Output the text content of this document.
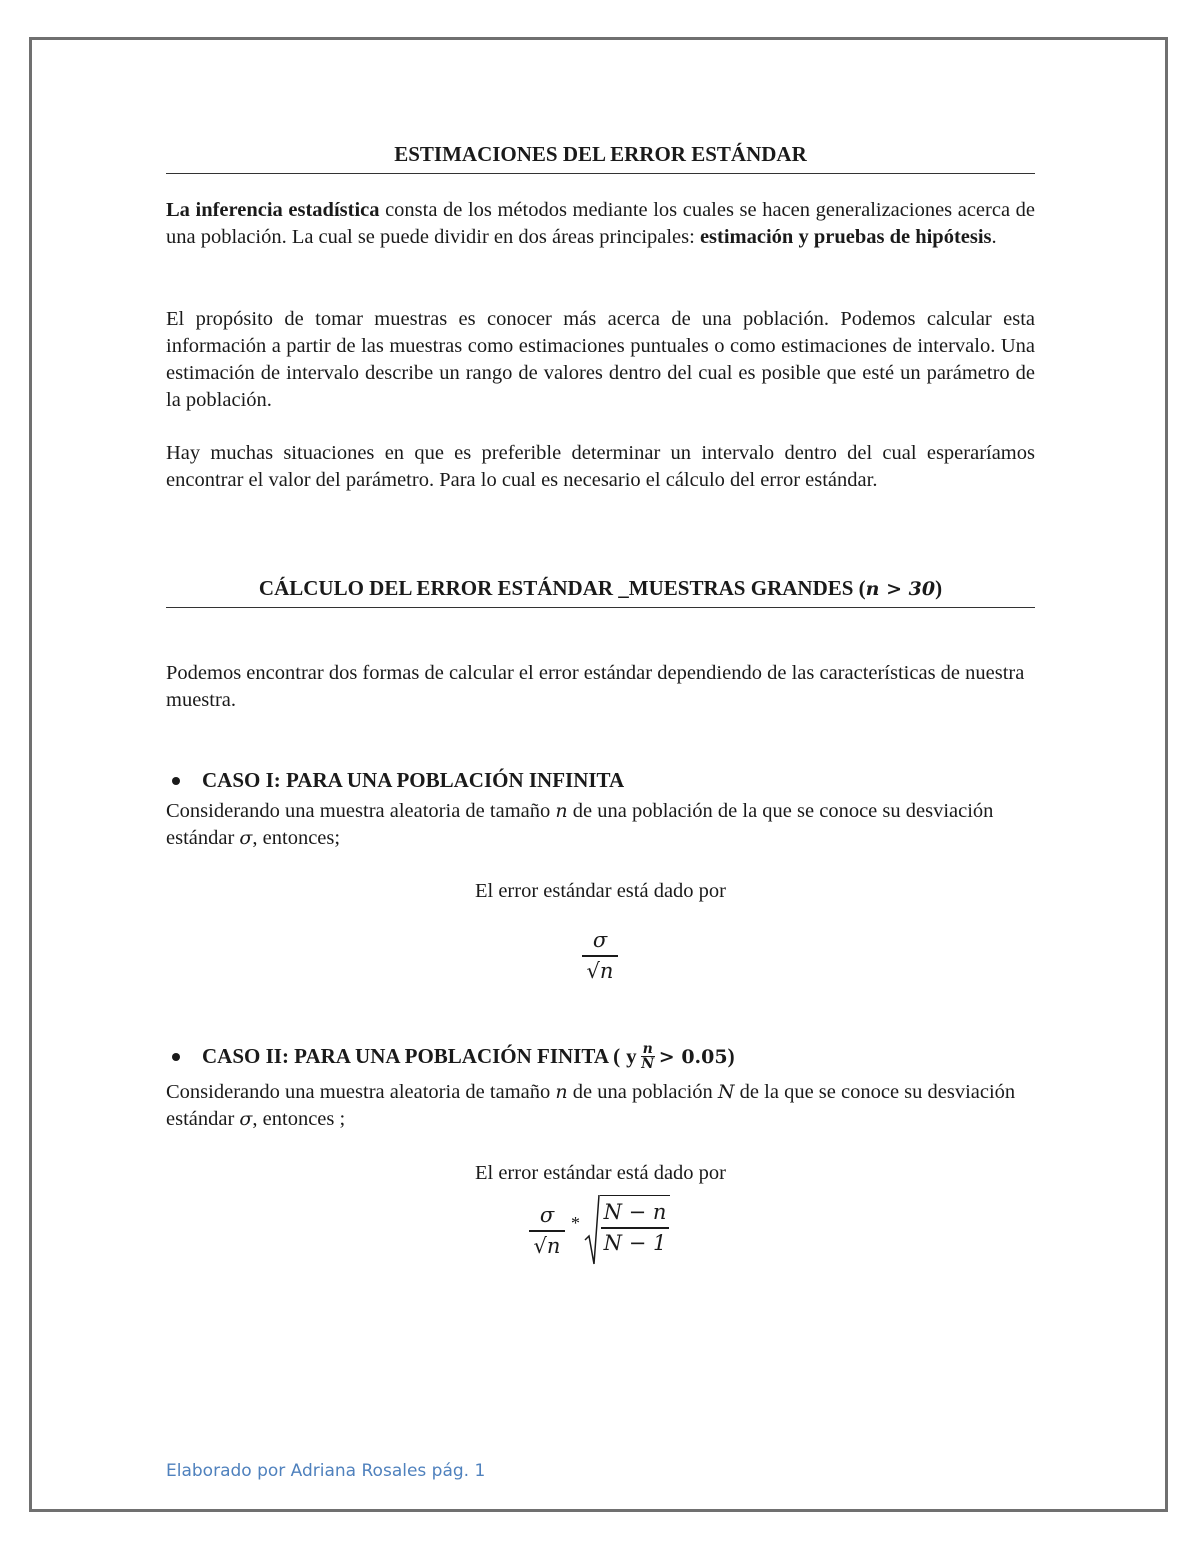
ESTIMACIONES DEL ERROR ESTÁNDAR

La inferencia estadística consta de los métodos mediante los cuales se hacen generalizaciones acerca de una población. La cual se puede dividir en dos áreas principales: estimación y pruebas de hipótesis.

El propósito de tomar muestras es conocer más acerca de una población. Podemos calcular esta información a partir de las muestras como estimaciones puntuales o como estimaciones de intervalo. Una estimación de intervalo describe un rango de valores dentro del cual es posible que esté un parámetro de la población.

Hay muchas situaciones en que es preferible determinar un intervalo dentro del cual esperaríamos encontrar el valor del parámetro. Para lo cual es necesario el cálculo del error estándar.

CÁLCULO DEL ERROR ESTÁNDAR _MUESTRAS GRANDES (n > 30)

Podemos encontrar dos formas de calcular el error estándar dependiendo de las características de nuestra muestra.

CASO I: PARA UNA POBLACIÓN INFINITA

Considerando una muestra aleatoria de tamaño n de una población de la que se conoce su desviación estándar σ, entonces;

El error estándar está dado por
σ
√n
CASO II: PARA UNA POBLACIÓN FINITA ( y $\frac{n}{N} > 0.05$ )

Considerando una muestra aleatoria de tamaño n de una población N de la que se conoce su desviación estándar σ, entonces ;

El error estándar está dado por
σ
√n
* N − n
N − 1
Elaborado por Adriana Rosales pág. 1
